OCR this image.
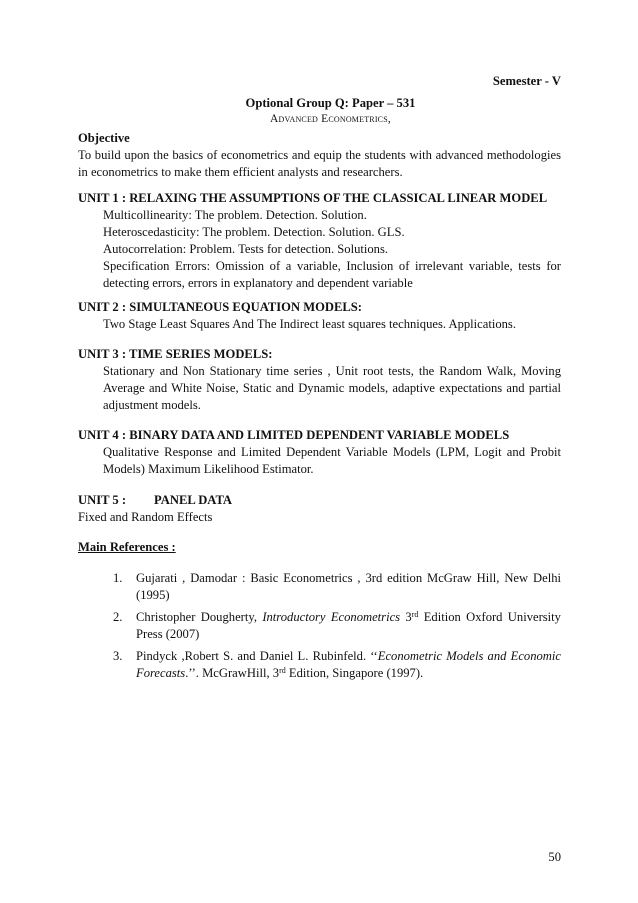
Semester - V
Optional Group Q: Paper – 531
Advanced Econometrics,
Objective
To build upon the basics of econometrics and equip the students with advanced methodologies in econometrics to make them efficient analysts and researchers.
UNIT 1 : RELAXING THE ASSUMPTIONS OF THE CLASSICAL LINEAR MODEL
Multicollinearity: The problem. Detection. Solution.
Heteroscedasticity: The problem. Detection. Solution. GLS.
Autocorrelation: Problem. Tests for detection. Solutions.
Specification Errors: Omission of a variable, Inclusion of irrelevant variable, tests for detecting errors, errors in explanatory and dependent variable
UNIT 2 : SIMULTANEOUS EQUATION MODELS:
Two Stage Least Squares And The Indirect least squares techniques. Applications.
UNIT 3 : TIME SERIES MODELS:
Stationary and Non Stationary time series , Unit root tests, the Random Walk, Moving Average and White Noise, Static and Dynamic models, adaptive expectations and partial adjustment models.
UNIT 4 : BINARY DATA AND LIMITED DEPENDENT VARIABLE MODELS
Qualitative Response and Limited Dependent Variable Models (LPM, Logit and Probit Models) Maximum Likelihood Estimator.
UNIT 5 : PANEL DATA
Fixed and Random Effects
Main References :
1. Gujarati , Damodar : Basic Econometrics , 3rd edition McGraw Hill, New Delhi (1995)
2. Christopher Dougherty, Introductory Econometrics 3rd Edition Oxford University Press (2007)
3. Pindyck ,Robert S. and Daniel L. Rubinfeld. ‘‘Econometric Models and Economic Forecasts.’’. McGrawHill, 3rd Edition, Singapore (1997).
50
